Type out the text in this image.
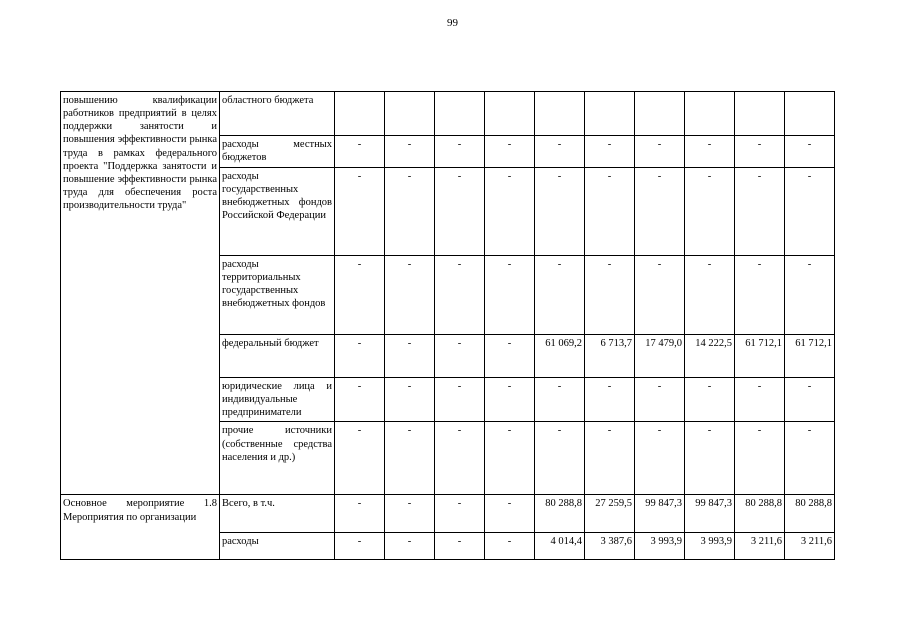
99
повышению квалификации работников предприятий в целях поддержки занятости и повышения эффективности рынка труда в рамках федерального проекта "Поддержка занятости и повышение эффективности рынка труда для обеспечения роста производительности труда"	областного бюджета										
	расходы местных бюджетов	-	-	-	-	-	-	-	-	-	-
	расходы государственных внебюджетных фондов Российской Федерации	-	-	-	-	-	-	-	-	-	-
	расходы территориальных государственных внебюджетных фондов	-	-	-	-	-	-	-	-	-	-
	федеральный бюджет	-	-	-	-	61 069,2	6 713,7	17 479,0	14 222,5	61 712,1	61 712,1
	юридические лица и индивидуальные предприниматели	-	-	-	-	-	-	-	-	-	-
	прочие источники (собственные средства населения и др.)	-	-	-	-	-	-	-	-	-	-
Основное мероприятие 1.8 Мероприятия по организации	Всего, в т.ч.	-	-	-	-	80 288,8	27 259,5	99 847,3	99 847,3	80 288,8	80 288,8
	расходы	-	-	-	-	4 014,4	3 387,6	3 993,9	3 993,9	3 211,6	3 211,6
